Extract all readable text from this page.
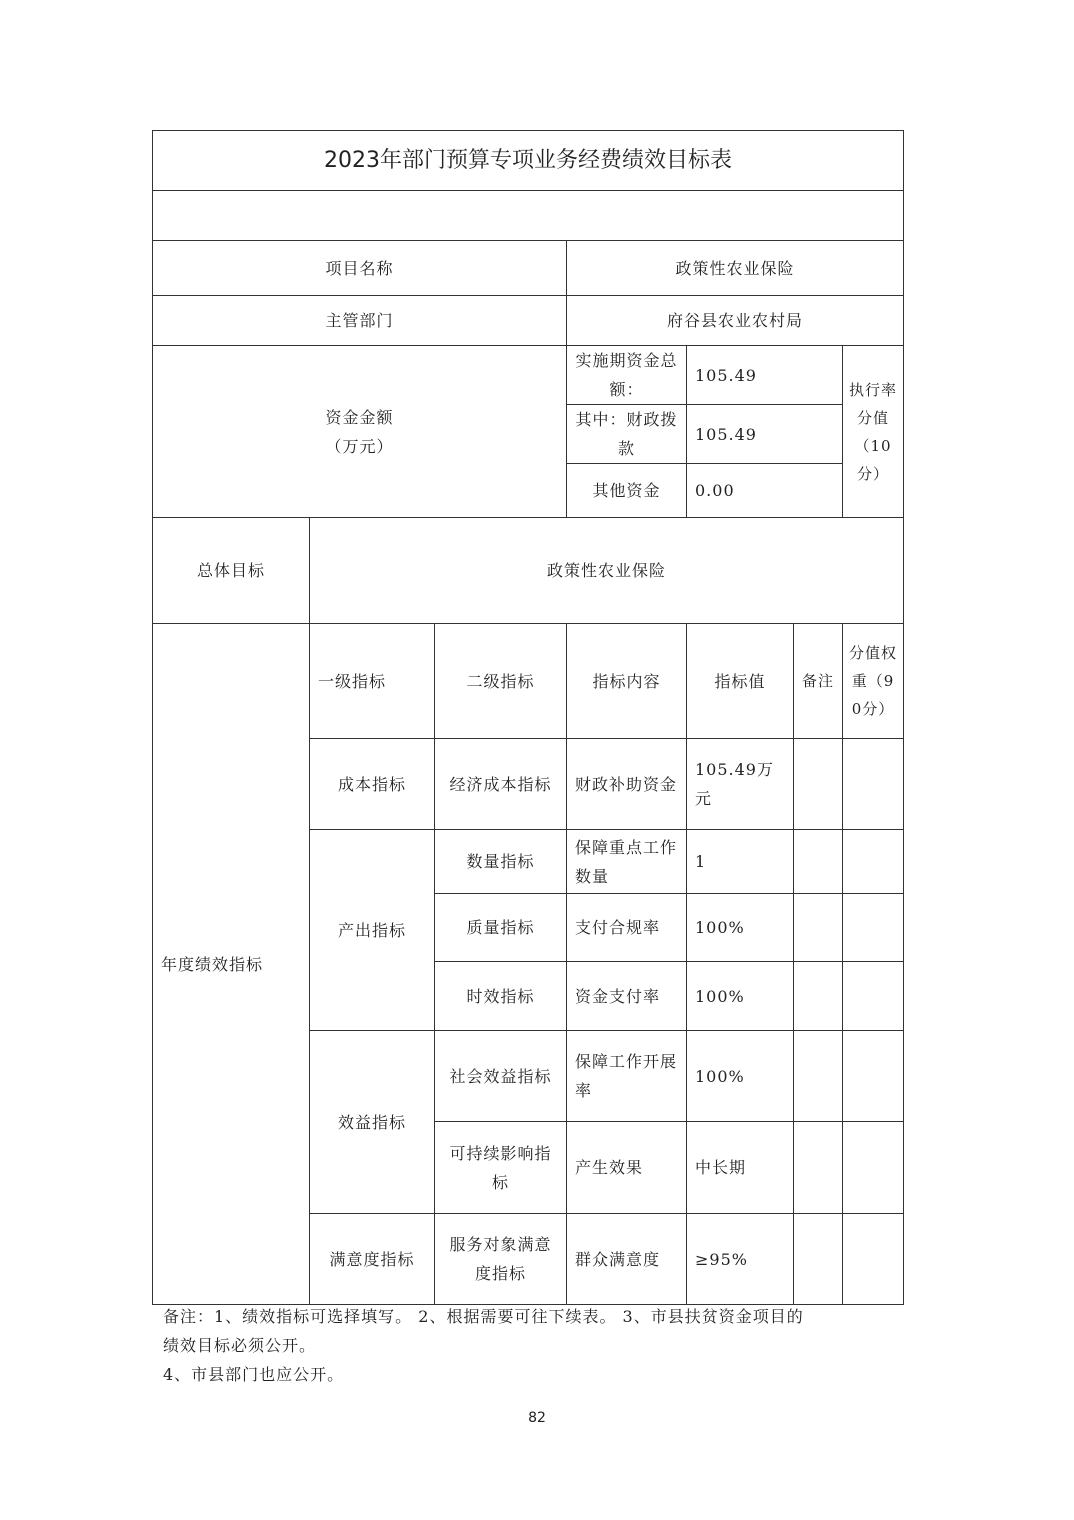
2023年部门预算专项业务经费绩效目标表						

项目名称			政策性农业保险			
主管部门			府谷县农业农村局			

资金金额
（万元）			实施期资金总额：	105.49		执行率分值（10分）
			其中：财政拨款	105.49		
			其他资金	0.00		
总体目标	政策性农业保险					
年度绩效指标	一级指标	二级指标	指标内容	指标值	备注	分值权重（90分）
	成本指标	经济成本指标	财政补助资金	105.49万元		
	产出指标	数量指标	保障重点工作数量	1		
		质量指标	支付合规率	100%		
		时效指标	资金支付率	100%		
	效益指标	社会效益指标	保障工作开展率	100%		
		可持续影响指标	产生效果	中长期		
	满意度指标	服务对象满意度指标	群众满意度	≥95%		
备注：1、绩效指标可选择填写。 2、根据需要可往下续表。 3、市县扶贫资金项目的
绩效目标必须公开。
4、市县部门也应公开。
82
